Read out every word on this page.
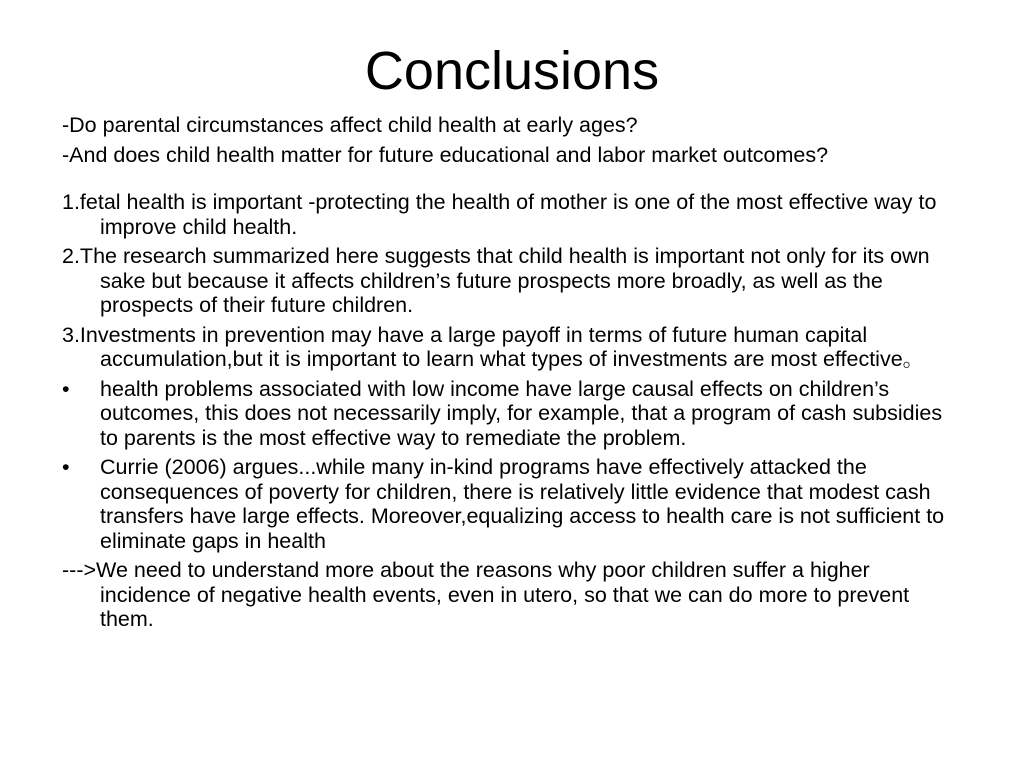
Conclusions

-Do parental circumstances affect child health at early ages?

-And does child health matter for future educational and labor market outcomes?

1.fetal health is important -protecting the health of mother is one of the most effective way to improve child health.

2.The research summarized here suggests that child health is important not only for its own sake but because it affects children’s future prospects more broadly, as well as the prospects of their future children.

3.Investments in prevention may have a large payoff in terms of future human capital accumulation,but it is important to learn what types of investments are most effective。

• health problems associated with low income have large causal effects on children’s outcomes, this does not necessarily imply, for example, that a program of cash subsidies to parents is the most effective way to remediate the problem.
• Currie (2006) argues...while many in-kind programs have effectively attacked the consequences of poverty for children, there is relatively little evidence that modest cash transfers have large effects. Moreover,equalizing access to health care is not sufficient to eliminate gaps in health

--->We need to understand more about the reasons why poor children suffer a higher incidence of negative health events, even in utero, so that we can do more to prevent them.
